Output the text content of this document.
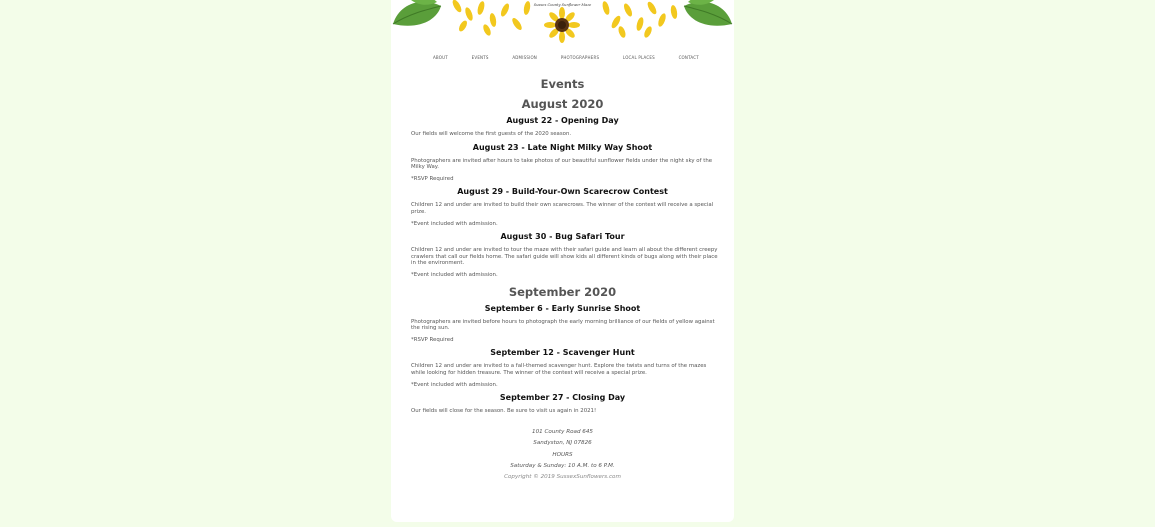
Sussex County Sunflower Maze
ABOUT	EVENTS	ADMISSION	PHOTOGRAPHERS	LOCAL PLACES	CONTACT
Events
August 2020
August 22 - Opening Day

Our fields will welcome the first guests of the 2020 season.

August 23 - Late Night Milky Way Shoot

Photographers are invited after hours to take photos of our beautiful sunflower fields under the night sky of the Milky Way.

*RSVP Required

August 29 - Build-Your-Own Scarecrow Contest

Children 12 and under are invited to build their own scarecrows. The winner of the contest will receive a special prize.

*Event included with admission.

August 30 - Bug Safari Tour

Children 12 and under are invited to tour the maze with their safari guide and learn all about the different creepy crawlers that call our fields home. The safari guide will show kids all different kinds of bugs along with their place in the environment.

*Event included with admission.

September 2020
September 6 - Early Sunrise Shoot

Photographers are invited before hours to photograph the early morning brilliance of our fields of yellow against the rising sun.

*RSVP Required

September 12 - Scavenger Hunt

Children 12 and under are invited to a fall-themed scavenger hunt. Explore the twists and turns of the mazes while looking for hidden treasure. The winner of the contest will receive a special prize.

*Event included with admission.

September 27 - Closing Day

Our fields will close for the season. Be sure to visit us again in 2021!

101 County Road 645
Sandyston, NJ 07826
HOURS
Saturday & Sunday: 10 A.M. to 6 P.M.
Copyright © 2019 SussexSunflowers.com
